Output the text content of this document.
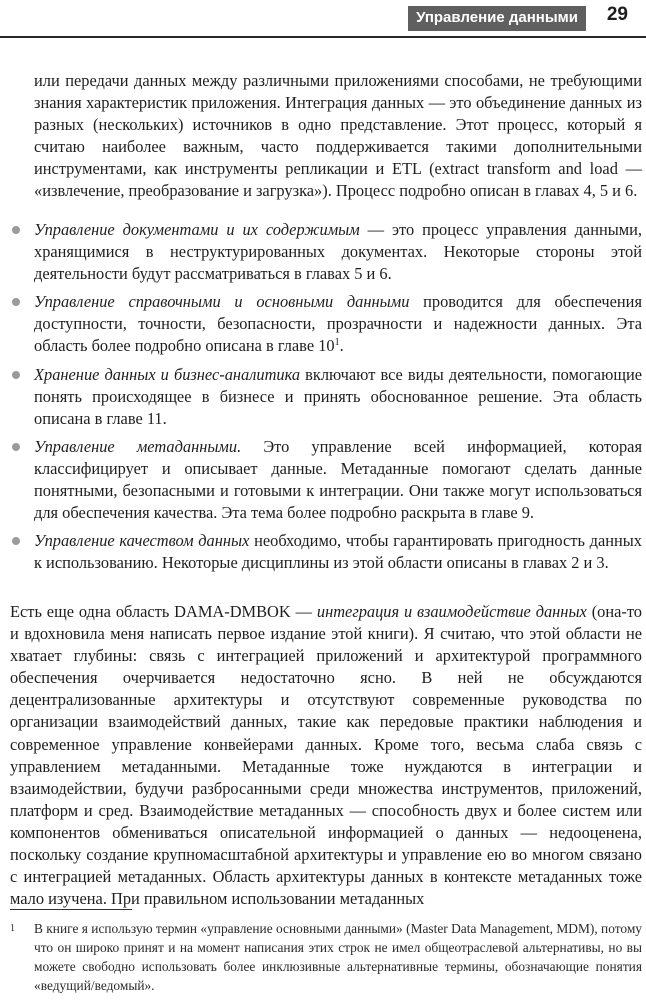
Управление данными	29

или передачи данных между различными приложениями способами, не требующими знания характеристик приложения. Интеграция данных — это объединение данных из разных (нескольких) источников в одно представление. Этот процесс, который я считаю наиболее важным, часто поддерживается такими дополнительными инструментами, как инструменты репликации и ETL (extract transform and load — «извлечение, преобразование и загрузка»). Процесс подробно описан в главах 4, 5 и 6.

Управление документами и их содержимым — это процесс управления данными, хранящимися в неструктурированных документах. Некоторые стороны этой деятельности будут рассматриваться в главах 5 и 6.
Управление справочными и основными данными проводится для обеспечения доступности, точности, безопасности, прозрачности и надежности данных. Эта область более подробно описана в главе $10^1$.
Хранение данных и бизнес-аналитика включают все виды деятельности, помогающие понять происходящее в бизнесе и принять обоснованное решение. Эта область описана в главе 11.
Управление метаданными. Это управление всей информацией, которая классифицирует и описывает данные. Метаданные помогают сделать данные понятными, безопасными и готовыми к интеграции. Они также могут использоваться для обеспечения качества. Эта тема более подробно раскрыта в главе 9.
Управление качеством данных необходимо, чтобы гарантировать пригодность данных к использованию. Некоторые дисциплины из этой области описаны в главах 2 и 3.

Есть еще одна область DAMA-DMBOK — интеграция и взаимодействие данных (она-то и вдохновила меня написать первое издание этой книги). Я считаю, что этой области не хватает глубины: связь с интеграцией приложений и архитектурой программного обеспечения очерчивается недостаточно ясно. В ней не обсуждаются децентрализованные архитектуры и отсутствуют современные руководства по организации взаимодействий данных, такие как передовые практики наблюдения и современное управление конвейерами данных. Кроме того, весьма слаба связь с управлением метаданными. Метаданные тоже нуждаются в интеграции и взаимодействии, будучи разбросанными среди множества инструментов, приложений, платформ и сред. Взаимодействие метаданных — способность двух и более систем или компонентов обмениваться описательной информацией о данных — недооценена, поскольку создание крупномасштабной архитектуры и управление ею во многом связано с интеграцией метаданных. Область архитектуры данных в контексте метаданных тоже мало изучена. При правильном использовании метаданных

1	В книге я использую термин «управление основными данными» (Master Data Management, MDM), потому что он широко принят и на момент написания этих строк не имел общеотраслевой альтернативы, но вы можете свободно использовать более инклюзивные альтернативные термины, обозначающие понятия «ведущий/ведомый».
